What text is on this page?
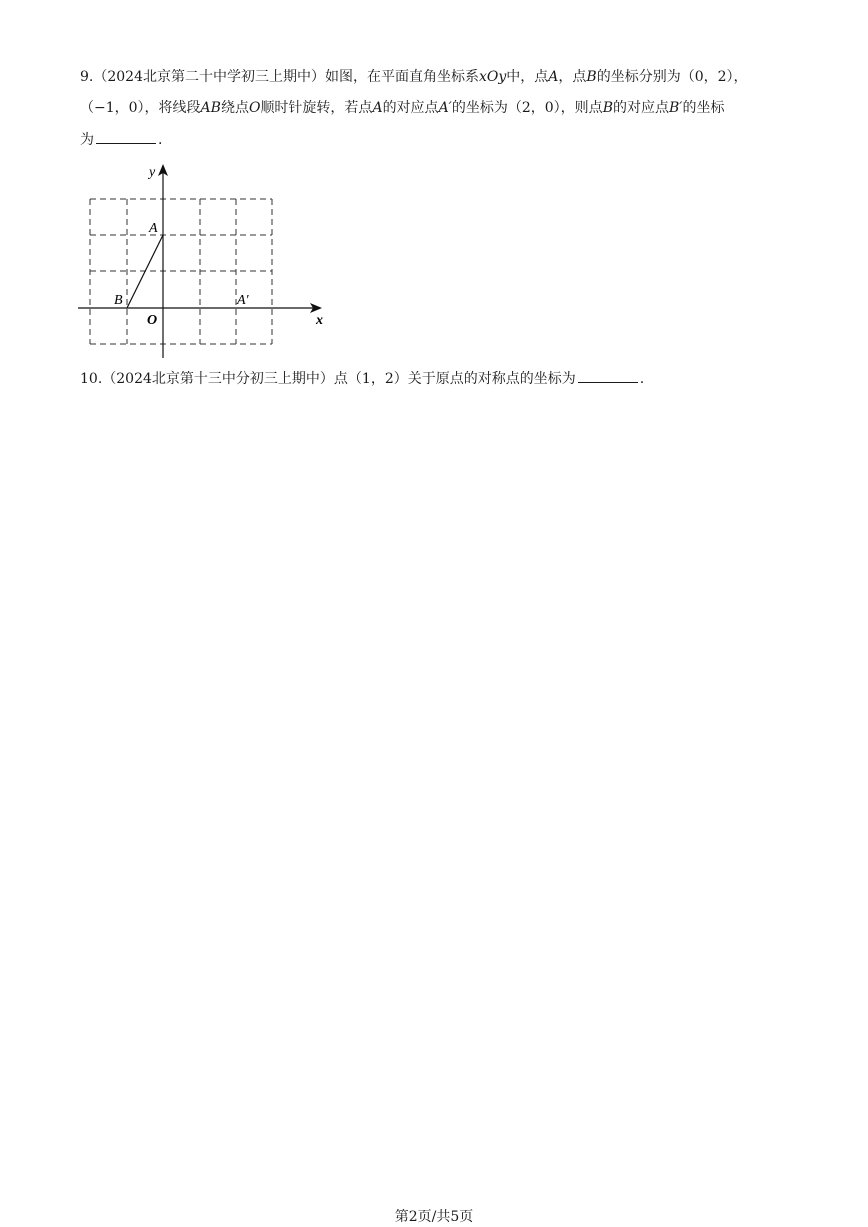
9.（2024北京第二十中学初三上期中）如图，在平面直角坐标系xOy中，点A，点B的坐标分别为（0，2），
（−1，0），将线段AB绕点O顺时针旋转，若点A的对应点A′的坐标为（2，0），则点B的对应点B′的坐标
为	.
y
x
O
A
B	A′
10.（2024北京第十三中分初三上期中）点（1，2）关于原点的对称点的坐标为	.
第2页/共5页
